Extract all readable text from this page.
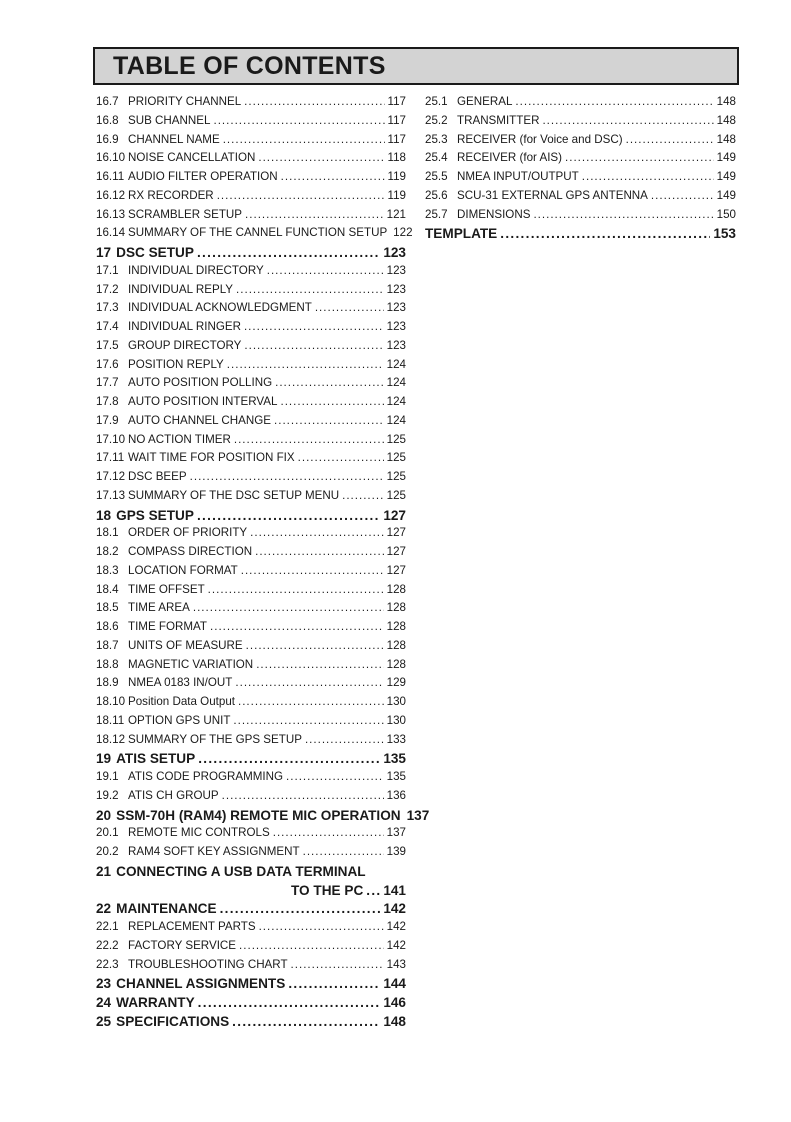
TABLE OF CONTENTS
16.7 PRIORITY CHANNEL .....	117
16.8 SUB CHANNEL .....	117
16.9 CHANNEL NAME .....	117
16.10 NOISE CANCELLATION .....	118
16.11 AUDIO FILTER OPERATION .....	119
16.12 RX RECORDER .....	119
16.13 SCRAMBLER SETUP .....	121
16.14 SUMMARY OF THE CANNEL FUNCTION SETUP 122
17 DSC SETUP .....	123
17.1 INDIVIDUAL DIRECTORY .....	123
17.2 INDIVIDUAL REPLY .....	123
17.3 INDIVIDUAL ACKNOWLEDGMENT .....	123
17.4 INDIVIDUAL RINGER .....	123
17.5 GROUP DIRECTORY .....	123
17.6 POSITION REPLY .....	124
17.7 AUTO POSITION POLLING .....	124
17.8 AUTO POSITION INTERVAL .....	124
17.9 AUTO CHANNEL CHANGE .....	124
17.10 NO ACTION TIMER .....	125
17.11 WAIT TIME FOR POSITION FIX .....	125
17.12 DSC BEEP .....	125
17.13 SUMMARY OF THE DSC SETUP MENU .....	125
18 GPS SETUP .....	127
18.1 ORDER OF PRIORITY .....	127
18.2 COMPASS DIRECTION .....	127
18.3 LOCATION FORMAT .....	127
18.4 TIME OFFSET .....	128
18.5 TIME AREA .....	128
18.6 TIME FORMAT .....	128
18.7 UNITS OF MEASURE .....	128
18.8 MAGNETIC VARIATION .....	128
18.9 NMEA 0183 IN/OUT .....	129
18.10 Position Data Output .....	130
18.11 OPTION GPS UNIT .....	130
18.12 SUMMARY OF THE GPS SETUP .....	133
19 ATIS SETUP .....	135
19.1 ATIS CODE PROGRAMMING .....	135
19.2 ATIS CH GROUP .....	136
20 SSM-70H (RAM4) REMOTE MIC OPERATION 137
20.1 REMOTE MIC CONTROLS .....	137
20.2 RAM4 SOFT KEY ASSIGNMENT .....	139
21 CONNECTING A USB DATA TERMINAL
TO THE PC ..... 141
22 MAINTENANCE .....	142
22.1 REPLACEMENT PARTS .....	142
22.2 FACTORY SERVICE .....	142
22.3 TROUBLESHOOTING CHART .....	143
23 CHANNEL ASSIGNMENTS .....	144
24 WARRANTY .....	146
25 SPECIFICATIONS .....	148
25.1 GENERAL .....	148
25.2 TRANSMITTER .....	148
25.3 RECEIVER (for Voice and DSC) .....	148
25.4 RECEIVER (for AIS) .....	149
25.5 NMEA INPUT/OUTPUT .....	149
25.6 SCU-31 EXTERNAL GPS ANTENNA .....	149
25.7 DIMENSIONS .....	150
TEMPLATE .....	153
